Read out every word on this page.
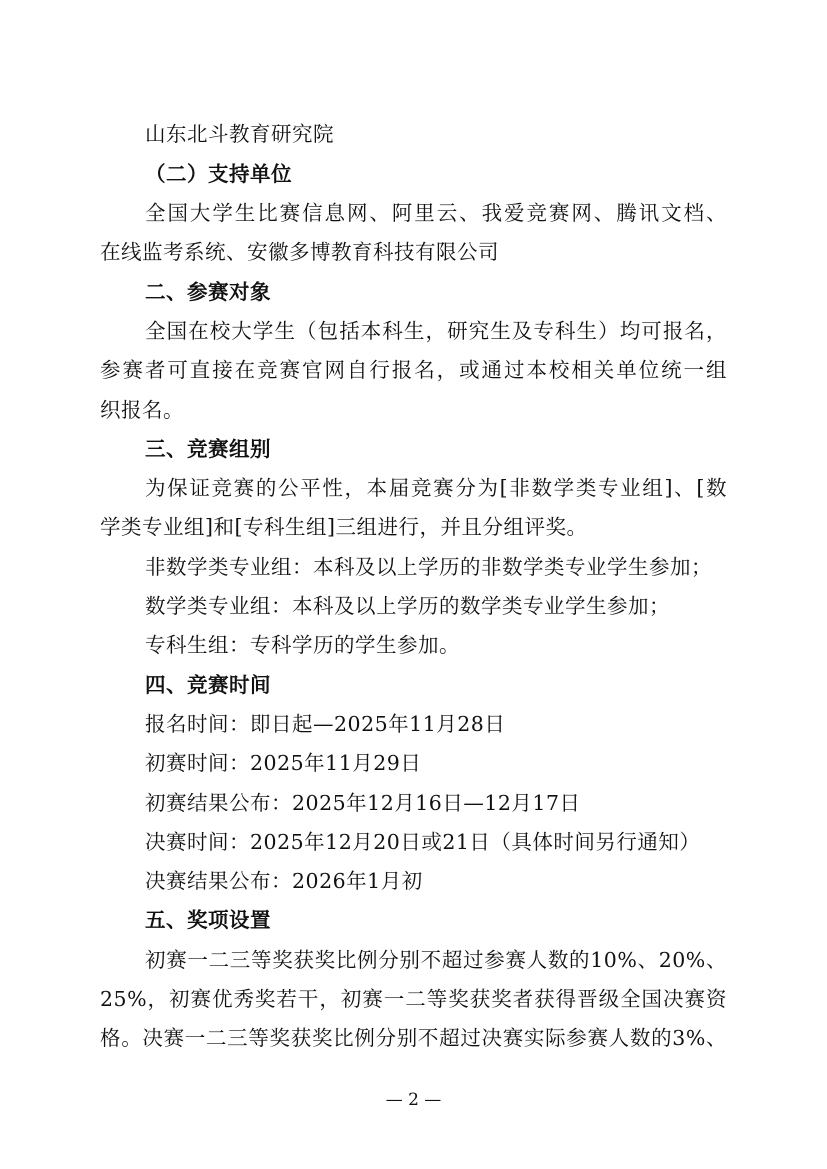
山东北斗教育研究院
（二）支持单位
全国大学生比赛信息网、阿里云、我爱竞赛网、腾讯文档、
在线监考系统、安徽多博教育科技有限公司
二、参赛对象
全国在校大学生（包括本科生，研究生及专科生）均可报名，
参赛者可直接在竞赛官网自行报名，或通过本校相关单位统一组
织报名。
三、竞赛组别
为保证竞赛的公平性，本届竞赛分为[非数学类专业组]、[数
学类专业组]和[专科生组]三组进行，并且分组评奖。
非数学类专业组：本科及以上学历的非数学类专业学生参加；
数学类专业组：本科及以上学历的数学类专业学生参加；
专科生组：专科学历的学生参加。
四、竞赛时间
报名时间：即日起—2025年11月28日
初赛时间：2025年11月29日
初赛结果公布：2025年12月16日—12月17日
决赛时间：2025年12月20日或21日（具体时间另行通知）
决赛结果公布：2026年1月初
五、奖项设置
初赛一二三等奖获奖比例分别不超过参赛人数的10%、20%、
25%，初赛优秀奖若干，初赛一二等奖获奖者获得晋级全国决赛资
格。决赛一二三等奖获奖比例分别不超过决赛实际参赛人数的3%、
— 2 —
